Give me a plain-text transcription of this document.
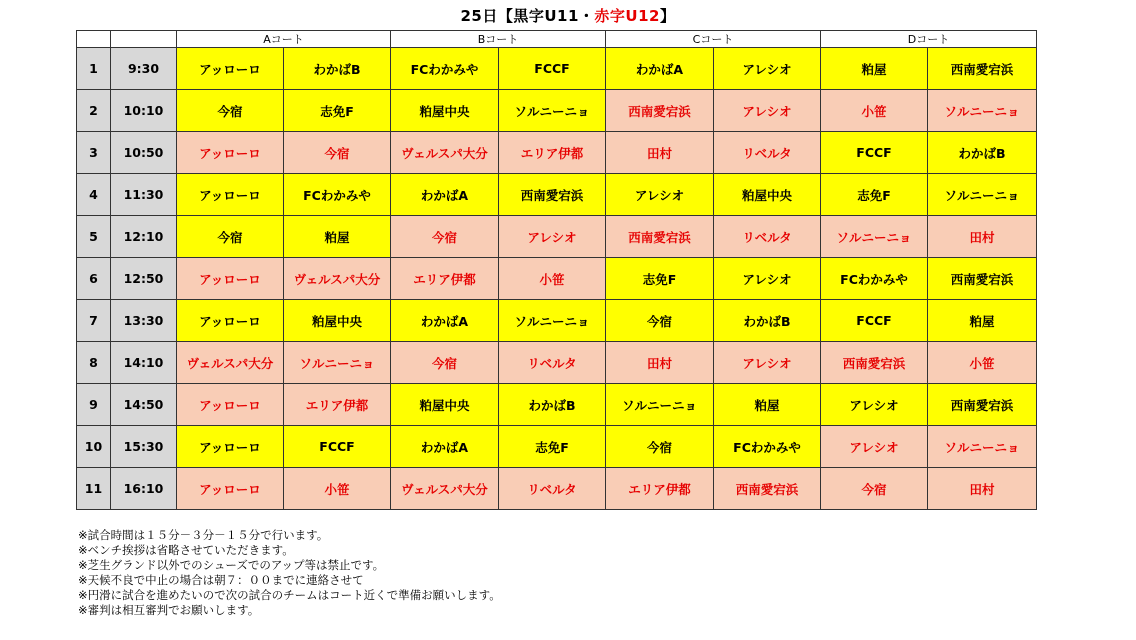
25日【黒字U11・赤字U12】
		Aコート		Bコート		Cコート		Dコート	
1	9:30	アッローロ	わかばB	FCわかみや	FCCF	わかばA	アレシオ	粕屋	西南愛宕浜
2	10:10	今宿	志免F	粕屋中央	ソルニーニョ	西南愛宕浜	アレシオ	小笹	ソルニーニョ
3	10:50	アッローロ	今宿	ヴェルスパ大分	エリア伊都	田村	リベルタ	FCCF	わかばB
4	11:30	アッローロ	FCわかみや	わかばA	西南愛宕浜	アレシオ	粕屋中央	志免F	ソルニーニョ
5	12:10	今宿	粕屋	今宿	アレシオ	西南愛宕浜	リベルタ	ソルニーニョ	田村
6	12:50	アッローロ	ヴェルスパ大分	エリア伊都	小笹	志免F	アレシオ	FCわかみや	西南愛宕浜
7	13:30	アッローロ	粕屋中央	わかばA	ソルニーニョ	今宿	わかばB	FCCF	粕屋
8	14:10	ヴェルスパ大分	ソルニーニョ	今宿	リベルタ	田村	アレシオ	西南愛宕浜	小笹
9	14:50	アッローロ	エリア伊都	粕屋中央	わかばB	ソルニーニョ	粕屋	アレシオ	西南愛宕浜
10	15:30	アッローロ	FCCF	わかばA	志免F	今宿	FCわかみや	アレシオ	ソルニーニョ
11	16:10	アッローロ	小笹	ヴェルスパ大分	リベルタ	エリア伊都	西南愛宕浜	今宿	田村
※試合時間は１５分－３分－１５分で行います。
※ベンチ挨拶は省略させていただきます。
※芝生グランド以外でのシューズでのアップ等は禁止です。
※天候不良で中止の場合は朝７：００までに連絡させて
※円滑に試合を進めたいので次の試合のチームはコート近くで準備お願いします。
※審判は相互審判でお願いします。
